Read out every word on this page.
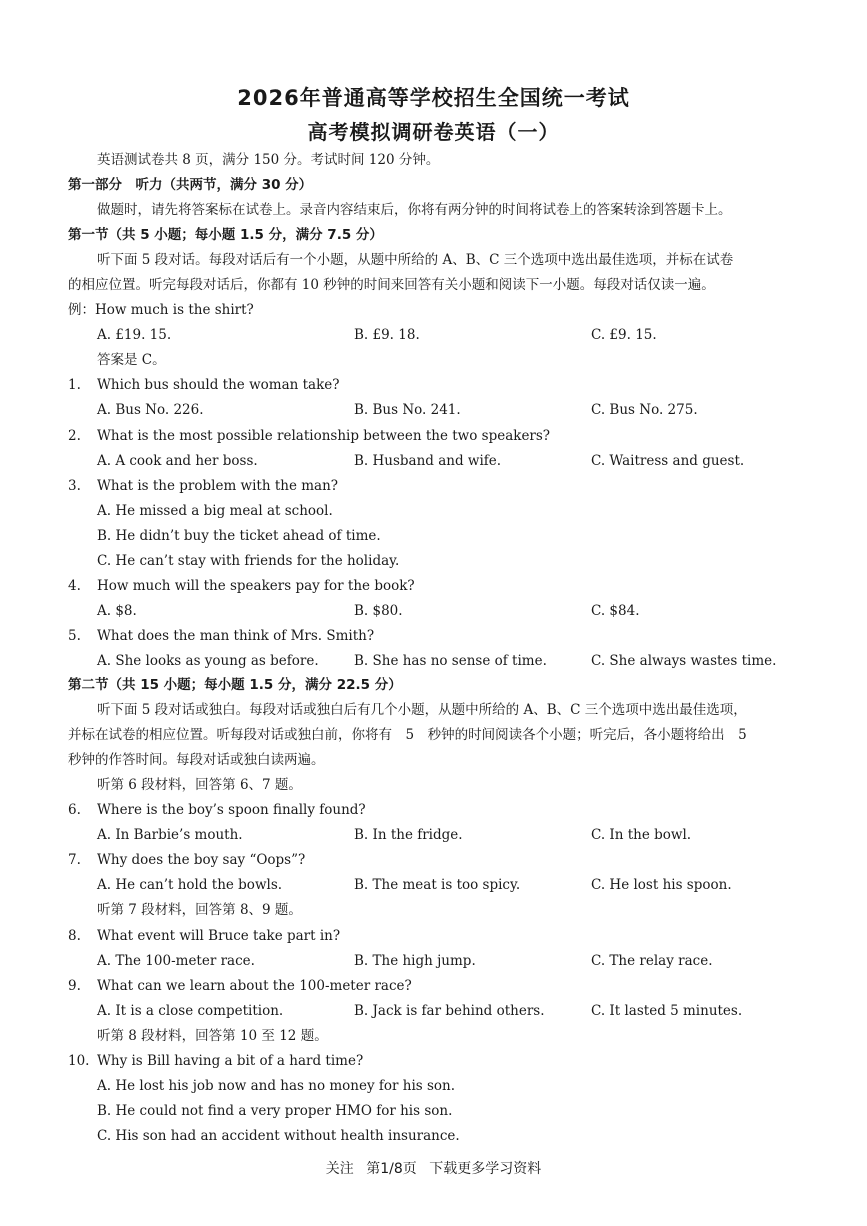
2026年普通高等学校招生全国统一考试
高考模拟调研卷英语（一）
英语测试卷共 8 页，满分 150 分。考试时间 120 分钟。
第一部分　听力（共两节，满分 30 分）
做题时，请先将答案标在试卷上。录音内容结束后，你将有两分钟的时间将试卷上的答案转涂到答题卡上。
第一节（共 5 小题；每小题 1.5 分，满分 7.5 分）
听下面 5 段对话。每段对话后有一个小题，从题中所给的 A、B、C 三个选项中选出最佳选项，并标在试卷
的相应位置。听完每段对话后，你都有 10 秒钟的时间来回答有关小题和阅读下一小题。每段对话仅读一遍。
例：How much is the shirt?
A. £19. 15.	B. £9. 18.	C. £9. 15.
答案是 C。
1. Which bus should the woman take?
A. Bus No. 226.	B. Bus No. 241.	C. Bus No. 275.
2. What is the most possible relationship between the two speakers?
A. A cook and her boss.	B. Husband and wife.	C. Waitress and guest.
3. What is the problem with the man?
A. He missed a big meal at school.
B. He didn’t buy the ticket ahead of time.
C. He can’t stay with friends for the holiday.
4. How much will the speakers pay for the book?
A. $8.	B. $80.	C. $84.
5. What does the man think of Mrs. Smith?
A. She looks as young as before.	B. She has no sense of time.	C. She always wastes time.
第二节（共 15 小题；每小题 1.5 分，满分 22.5 分）
听下面 5 段对话或独白。每段对话或独白后有几个小题，从题中所给的 A、B、C 三个选项中选出最佳选项，
并标在试卷的相应位置。听每段对话或独白前，你将有　5　秒钟的时间阅读各个小题；听完后，各小题将给出　5
秒钟的作答时间。每段对话或独白读两遍。
听第 6 段材料，回答第 6、7 题。
6. Where is the boy’s spoon finally found?
A. In Barbie’s mouth.	B. In the fridge.	C. In the bowl.
7. Why does the boy say “Oops”?
A. He can’t hold the bowls.	B. The meat is too spicy.	C. He lost his spoon.
听第 7 段材料，回答第 8、9 题。
8. What event will Bruce take part in?
A. The 100-meter race.	B. The high jump.	C. The relay race.
9. What can we learn about the 100-meter race?
A. It is a close competition.	B. Jack is far behind others.	C. It lasted 5 minutes.
听第 8 段材料，回答第 10 至 12 题。
10. Why is Bill having a bit of a hard time?
A. He lost his job now and has no money for his son.
B. He could not find a very proper HMO for his son.
C. His son had an accident without health insurance.
关注 第1/8页 下载更多学习资料
